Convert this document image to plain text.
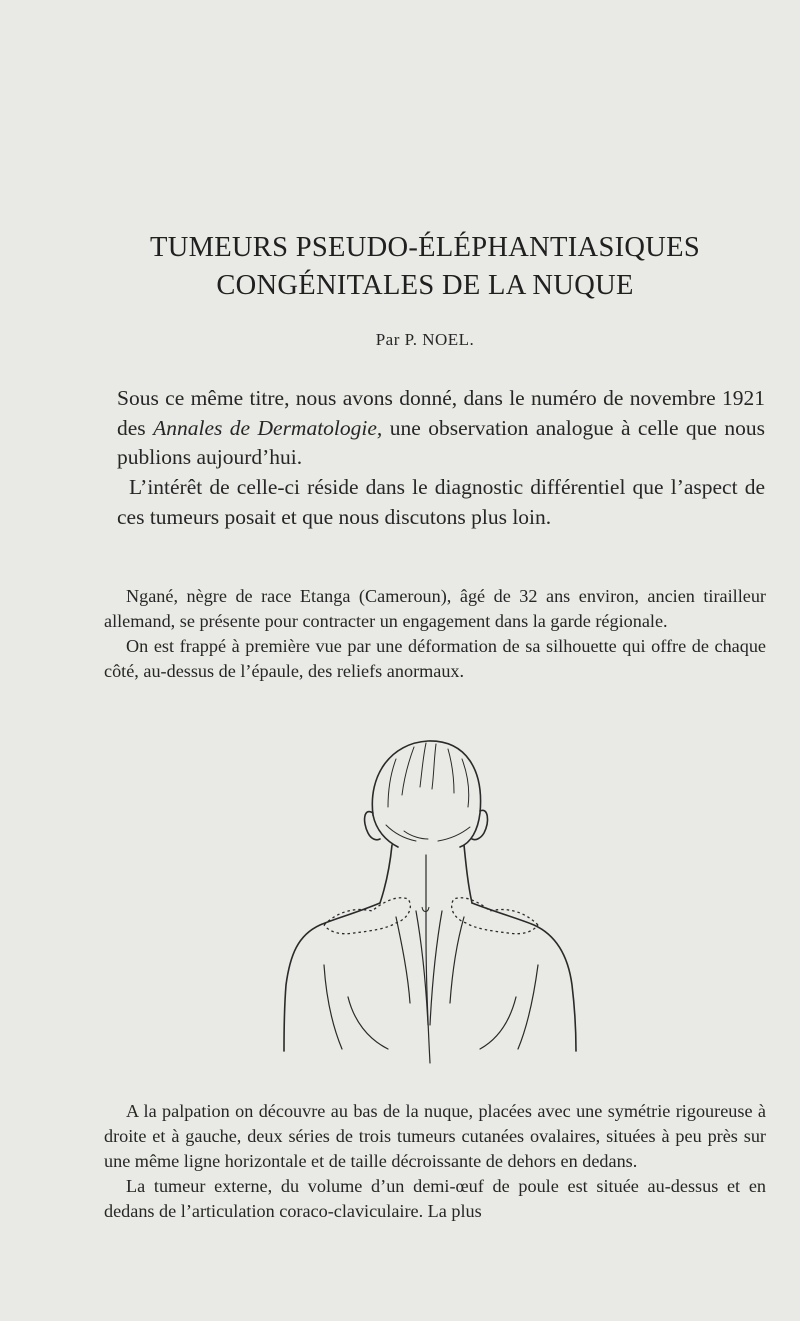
TUMEURS PSEUDO-ÉLÉPHANTIASIQUES
CONGÉNITALES DE LA NUQUE

Par P. NOEL.

Sous ce même titre, nous avons donné, dans le numéro de novembre 1921 des Annales de Dermatologie, une observation analogue à celle que nous publions aujourd’hui.

L’intérêt de celle-ci réside dans le diagnostic différentiel que l’aspect de ces tumeurs posait et que nous discutons plus loin.

Ngané, nègre de race Etanga (Cameroun), âgé de 32 ans environ, ancien tirailleur allemand, se présente pour contracter un engagement dans la garde régionale.

On est frappé à première vue par une déformation de sa silhouette qui offre de chaque côté, au-dessus de l’épaule, des reliefs anormaux.

A la palpation on découvre au bas de la nuque, placées avec une symétrie rigoureuse à droite et à gauche, deux séries de trois tumeurs cutanées ovalaires, situées à peu près sur une même ligne horizontale et de taille décroissante de dehors en dedans.

La tumeur externe, du volume d’un demi-œuf de poule est située au-dessus et en dedans de l’articulation coraco-claviculaire. La plus
